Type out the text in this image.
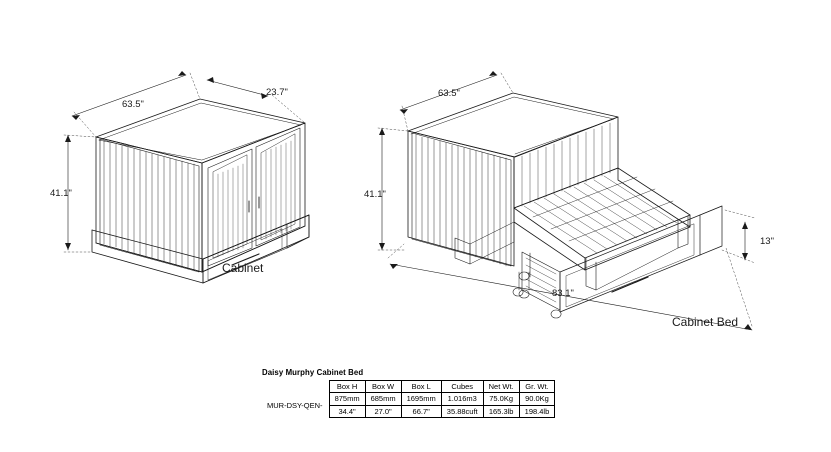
63.5"
23.7"
41.1"
Cabinet
63.5"
41.1"
83.1"
13"
Cabinet Bed
Daisy Murphy Cabinet Bed
	Box H	Box W	Box L	Cubes	Net Wt.	Gr. Wt.
MUR-DSY-QEN-	875mm	685mm	1695mm	1.016m3	75.0Kg	90.0Kg
	34.4"	27.0"	66.7"	35.88cuft	165.3lb	198.4lb
